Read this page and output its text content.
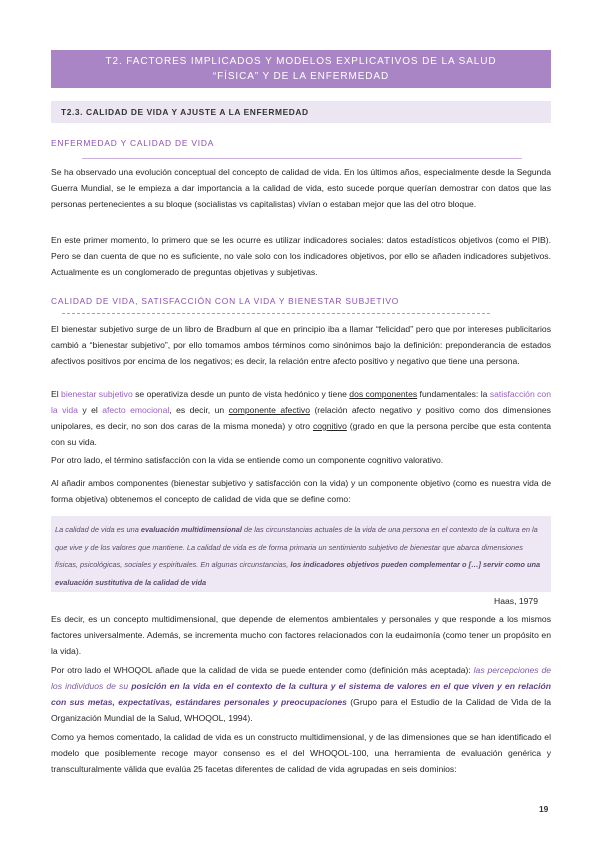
T2. FACTORES IMPLICADOS Y MODELOS EXPLICATIVOS DE LA SALUD
“FÍSICA” Y DE LA ENFERMEDAD
T2.3. CALIDAD DE VIDA Y AJUSTE A LA ENFERMEDAD
ENFERMEDAD Y CALIDAD DE VIDA

Se ha observado una evolución conceptual del concepto de calidad de vida. En los últimos años, especialmente desde la Segunda Guerra Mundial, se le empieza a dar importancia a la calidad de vida, esto sucede porque querían demostrar con datos que las personas pertenecientes a su bloque (socialistas vs capitalistas) vivían o estaban mejor que las del otro bloque.

En este primer momento, lo primero que se les ocurre es utilizar indicadores sociales: datos estadísticos objetivos (como el PIB). Pero se dan cuenta de que no es suficiente, no vale solo con los indicadores objetivos, por ello se añaden indicadores subjetivos. Actualmente es un conglomerado de preguntas objetivas y subjetivas.

CALIDAD DE VIDA, SATISFACCIÓN CON LA VIDA Y BIENESTAR SUBJETIVO

El bienestar subjetivo surge de un libro de Bradburn al que en principio iba a llamar “felicidad” pero que por intereses publicitarios cambió a “bienestar subjetivo”, por ello tomamos ambos términos como sinónimos bajo la definición: preponderancia de estados afectivos positivos por encima de los negativos; es decir, la relación entre afecto positivo y negativo que tiene una persona.

El bienestar subjetivo se operativiza desde un punto de vista hedónico y tiene dos componentes fundamentales: la satisfacción con la vida y el afecto emocional, es decir, un componente afectivo (relación afecto negativo y positivo como dos dimensiones unipolares, es decir, no son dos caras de la misma moneda) y otro cognitivo (grado en que la persona percibe que esta contenta con su vida.

Por otro lado, el término satisfacción con la vida se entiende como un componente cognitivo valorativo.

Al añadir ambos componentes (bienestar subjetivo y satisfacción con la vida) y un componente objetivo (como es nuestra vida de forma objetiva) obtenemos el concepto de calidad de vida que se define como:

La calidad de vida es una evaluación multidimensional de las circunstancias actuales de la vida de una persona en el contexto de la cultura en la que vive y de los valores que mantiene. La calidad de vida es de forma primaria un sentimiento subjetivo de bienestar que abarca dimensiones físicas, psicológicas, sociales y espirituales. En algunas circunstancias, los indicadores objetivos pueden complementar o […] servir como una evaluación sustitutiva de la calidad de vida

Haas, 1979

Es decir, es un concepto multidimensional, que depende de elementos ambientales y personales y que responde a los mismos factores universalmente. Además, se incrementa mucho con factores relacionados con la eudaimonía (como tener un propósito en la vida).

Por otro lado el WHOQOL añade que la calidad de vida se puede entender como (definición más aceptada): las percepciones de los individuos de su posición en la vida en el contexto de la cultura y el sistema de valores en el que viven y en relación con sus metas, expectativas, estándares personales y preocupaciones (Grupo para el Estudio de la Calidad de Vida de la Organización Mundial de la Salud, WHOQOL, 1994).

Como ya hemos comentado, la calidad de vida es un constructo multidimensional, y de las dimensiones que se han identificado el modelo que posiblemente recoge mayor consenso es el del WHOQOL-100, una herramienta de evaluación genérica y transculturalmente válida que evalúa 25 facetas diferentes de calidad de vida agrupadas en seis dominios:

19
